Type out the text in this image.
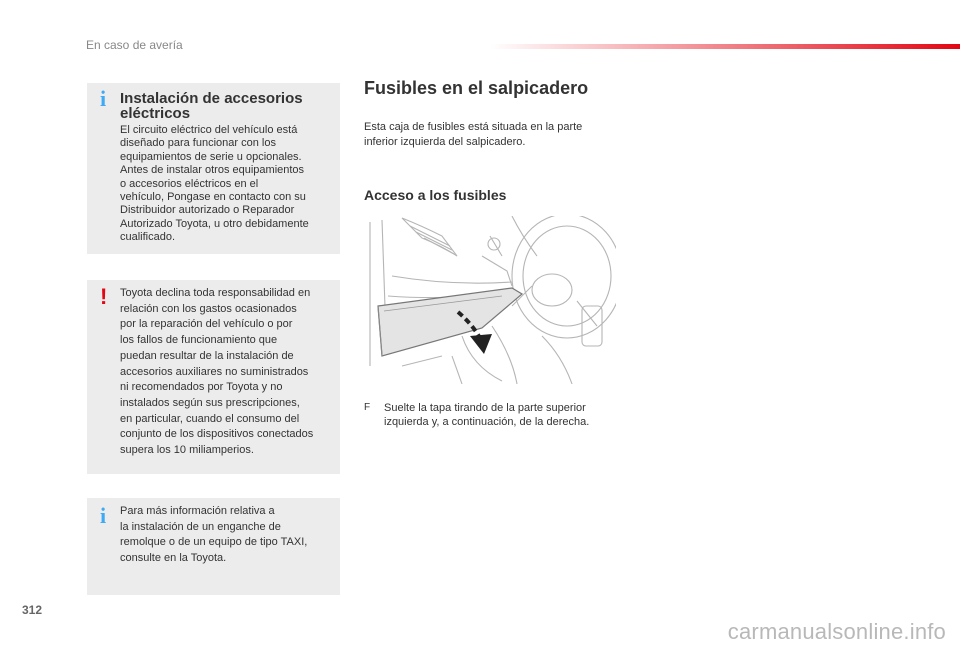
En caso de avería
i Instalación de accesorios eléctricos
El circuito eléctrico del vehículo está
diseñado para funcionar con los
equipamientos de serie u opcionales.
Antes de instalar otros equipamientos
o accesorios eléctricos en el
vehículo, Pongase en contacto con su
Distribuidor autorizado o Reparador
Autorizado Toyota, u otro debidamente
cualificado.
! Toyota declina toda responsabilidad en
relación con los gastos ocasionados
por la reparación del vehículo o por
los fallos de funcionamiento que
puedan resultar de la instalación de
accesorios auxiliares no suministrados
ni recomendados por Toyota y no
instalados según sus prescripciones,
en particular, cuando el consumo del
conjunto de los dispositivos conectados
supera los 10 miliamperios.
i Para más información relativa a
la instalación de un enganche de
remolque o de un equipo de tipo TAXI,
consulte en la Toyota.
Fusibles en el salpicadero
Esta caja de fusibles está situada en la parte
inferior izquierda del salpicadero.
Acceso a los fusibles
F Suelte la tapa tirando de la parte superior
izquierda y, a continuación, de la derecha.
312
carmanualsonline.info
